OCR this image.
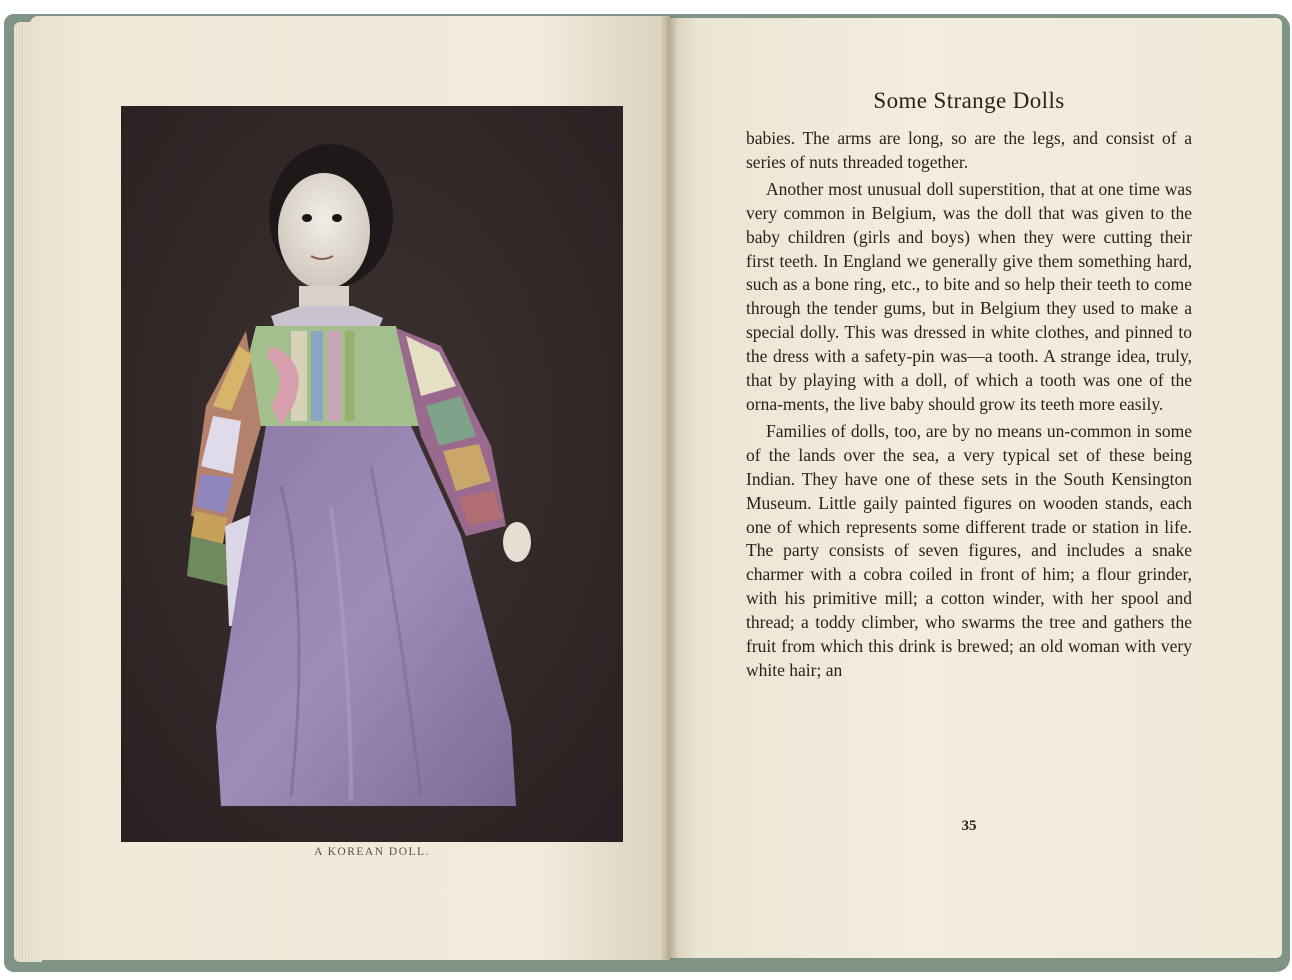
A KOREAN DOLL.
Some Strange Dolls

babies. The arms are long, so are the legs, and consist of a series of nuts threaded together.

Another most unusual doll superstition, that at one time was very common in Belgium, was the doll that was given to the baby children (girls and boys) when they were cutting their first teeth. In England we generally give them something hard, such as a bone ring, etc., to bite and so help their teeth to come through the tender gums, but in Belgium they used to make a special dolly. This was dressed in white clothes, and pinned to the dress with a safety-pin was—a tooth. A strange idea, truly, that by playing with a doll, of which a tooth was one of the orna-ments, the live baby should grow its teeth more easily.

Families of dolls, too, are by no means un-common in some of the lands over the sea, a very typical set of these being Indian. They have one of these sets in the South Kensington Museum. Little gaily painted figures on wooden stands, each one of which represents some different trade or station in life. The party consists of seven figures, and includes a snake charmer with a cobra coiled in front of him; a flour grinder, with his primitive mill; a cotton winder, with her spool and thread; a toddy climber, who swarms the tree and gathers the fruit from which this drink is brewed; an old woman with very white hair; an

35
